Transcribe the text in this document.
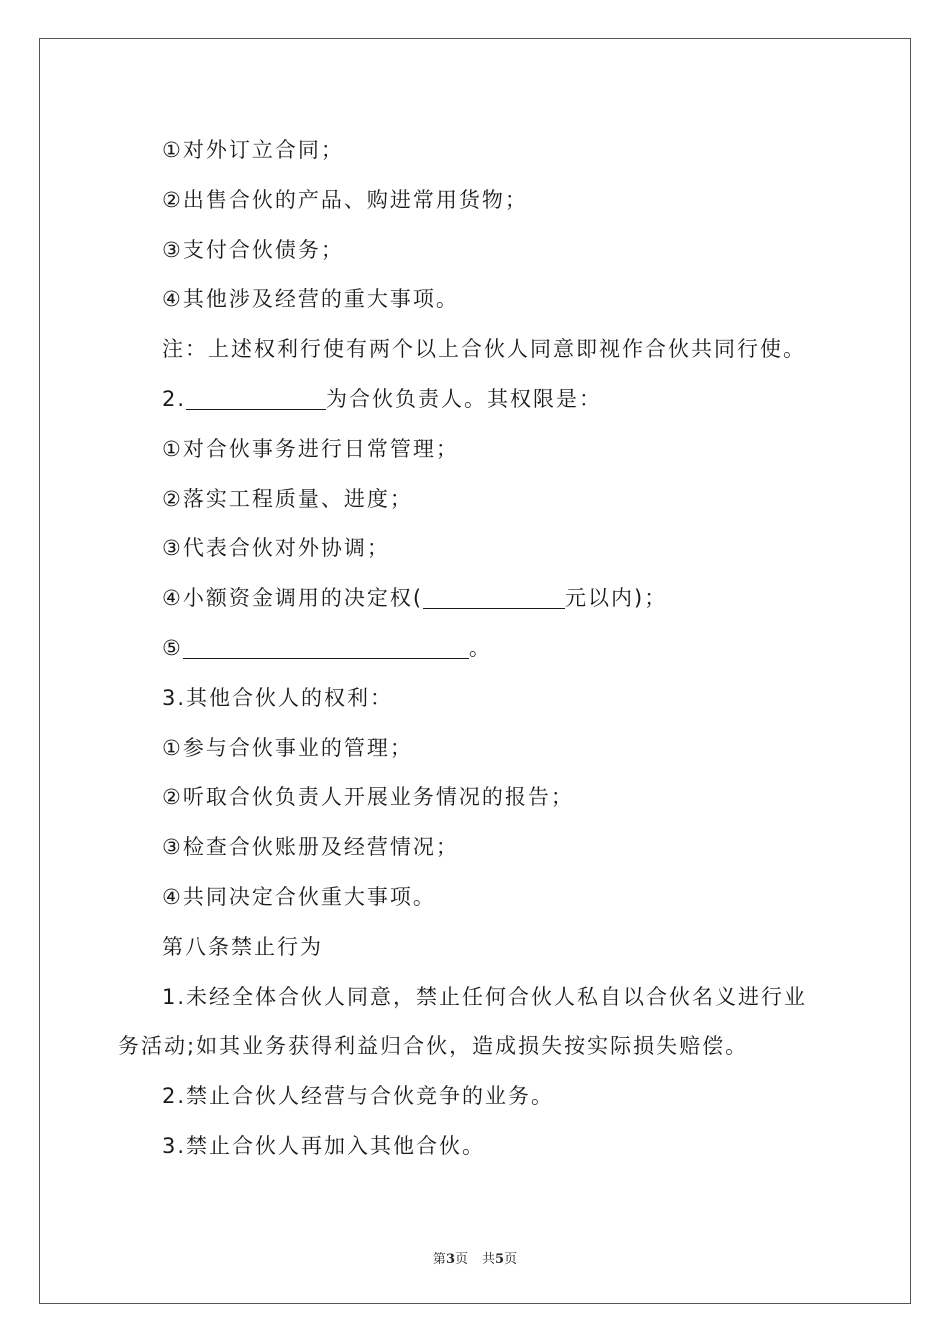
①对外订立合同；
②出售合伙的产品、购进常用货物；
③支付合伙债务；
④其他涉及经营的重大事项。
注：上述权利行使有两个以上合伙人同意即视作合伙共同行使。
2.	为合伙负责人。其权限是：
①对合伙事务进行日常管理；
②落实工程质量、进度；
③代表合伙对外协调；
④小额资金调用的决定权(	元以内)；
⑤	。
3.其他合伙人的权利：
①参与合伙事业的管理；
②听取合伙负责人开展业务情况的报告；
③检查合伙账册及经营情况；
④共同决定合伙重大事项。
第八条禁止行为
1.未经全体合伙人同意，禁止任何合伙人私自以合伙名义进行业
务活动;如其业务获得利益归合伙，造成损失按实际损失赔偿。
2.禁止合伙人经营与合伙竞争的业务。
3.禁止合伙人再加入其他合伙。
第3页 共5页
